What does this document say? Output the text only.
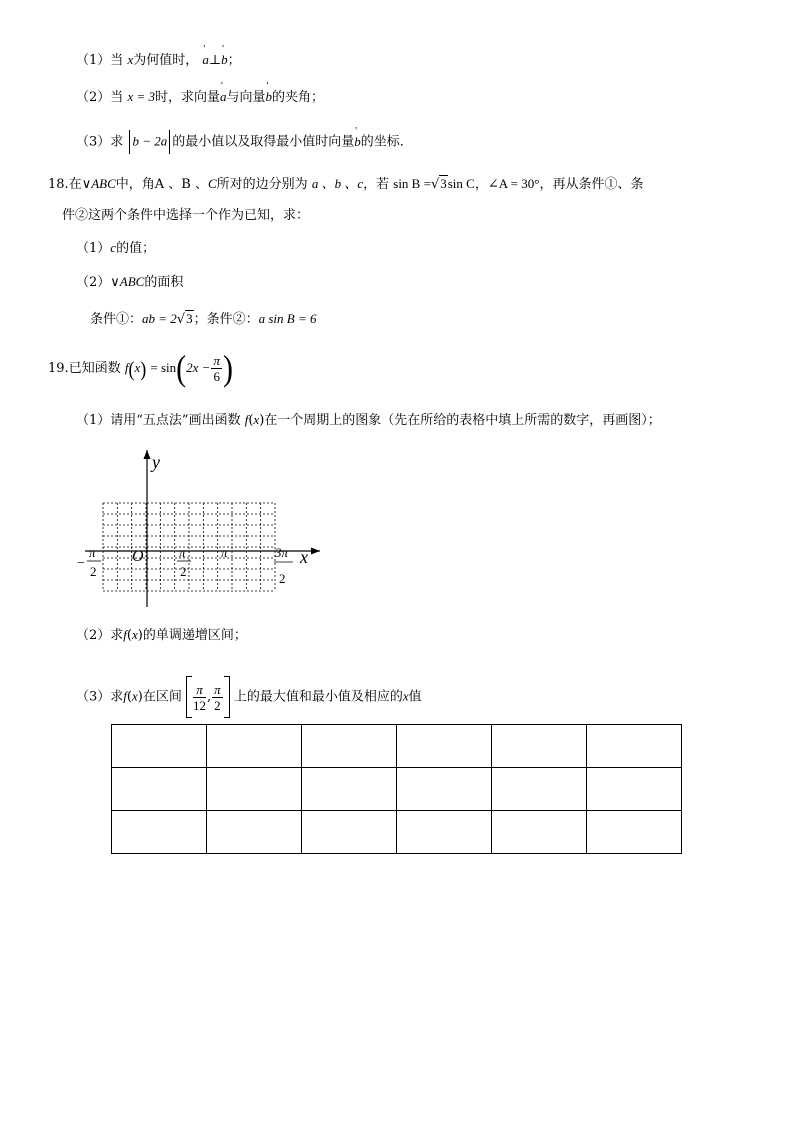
（1）当 x为何值时， ' a⊥' b；
（2）当 x = 3时，求向量' a与向量' b的夹角；
（3）求 b − 2a 的最小值以及取得最小值时向量' b的坐标．
18.在∨ABC中，角A 、B 、C所对的边分别为 a 、b 、c，若 sin B =√3sin C，∠A = 30°，再从条件①、条
件②这两个条件中选择一个作为已知，求：
（1）c的值；
（2）∨ABC的面积
条件①：ab = 2√3；条件②：a sin B = 6
19.已知函数 $f(x) = \sin(2x - \frac{\pi}{6}$ )
（1）请用“五点法”画出函数 f(x)在一个周期上的图象（先在所给的表格中填上所需的数字，再画图）；
y
x
O
−
π
2
π
2
π	3π
2
（2）求f(x)的单调递增区间；
（3）求f(x)在区间 $\frac{\pi}{12}$ , $\frac{\pi}{2}$ 上的最大值和最小值及相应的x值
